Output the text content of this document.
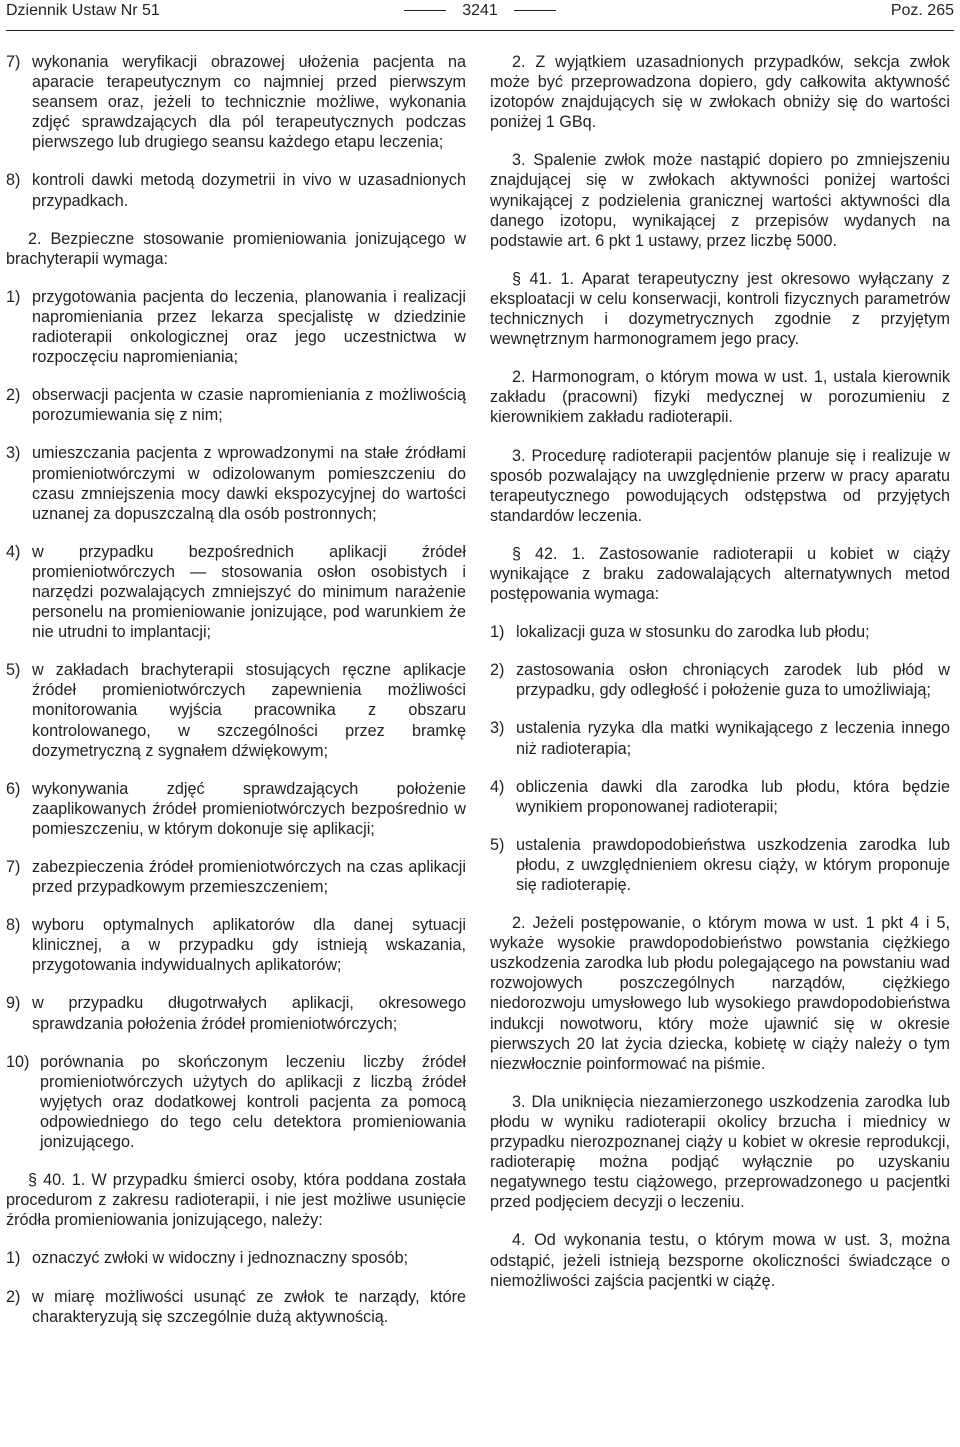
Dziennik Ustaw Nr 51	3241	Poz. 265
7) wykonania weryfikacji obrazowej ułożenia pacjenta na aparacie terapeutycznym co najmniej przed pierwszym seansem oraz, jeżeli to technicznie możliwe, wykonania zdjęć sprawdzających dla pól terapeutycznych podczas pierwszego lub drugiego seansu każdego etapu leczenia;
8) kontroli dawki metodą dozymetrii in vivo w uzasadnionych przypadkach.

2. Bezpieczne stosowanie promieniowania jonizującego w brachyterapii wymaga:

1) przygotowania pacjenta do leczenia, planowania i realizacji napromieniania przez lekarza specjalistę w dziedzinie radioterapii onkologicznej oraz jego uczestnictwa w rozpoczęciu napromieniania;
2) obserwacji pacjenta w czasie napromieniania z możliwością porozumiewania się z nim;
3) umieszczania pacjenta z wprowadzonymi na stałe źródłami promieniotwórczymi w odizolowanym pomieszczeniu do czasu zmniejszenia mocy dawki ekspozycyjnej do wartości uznanej za dopuszczalną dla osób postronnych;
4) w przypadku bezpośrednich aplikacji źródeł promieniotwórczych — stosowania osłon osobistych i narzędzi pozwalających zmniejszyć do minimum narażenie personelu na promieniowanie jonizujące, pod warunkiem że nie utrudni to implantacji;
5) w zakładach brachyterapii stosujących ręczne aplikacje źródeł promieniotwórczych zapewnienia możliwości monitorowania wyjścia pracownika z obszaru kontrolowanego, w szczególności przez bramkę dozymetryczną z sygnałem dźwiękowym;
6) wykonywania zdjęć sprawdzających położenie zaaplikowanych źródeł promieniotwórczych bezpośrednio w pomieszczeniu, w którym dokonuje się aplikacji;
7) zabezpieczenia źródeł promieniotwórczych na czas aplikacji przed przypadkowym przemieszczeniem;
8) wyboru optymalnych aplikatorów dla danej sytuacji klinicznej, a w przypadku gdy istnieją wskazania, przygotowania indywidualnych aplikatorów;
9) w przypadku długotrwałych aplikacji, okresowego sprawdzania położenia źródeł promieniotwórczych;
10) porównania po skończonym leczeniu liczby źródeł promieniotwórczych użytych do aplikacji z liczbą źródeł wyjętych oraz dodatkowej kontroli pacjenta za pomocą odpowiedniego do tego celu detektora promieniowania jonizującego.

§ 40. 1. W przypadku śmierci osoby, która poddana została procedurom z zakresu radioterapii, i nie jest możliwe usunięcie źródła promieniowania jonizującego, należy:

1) oznaczyć zwłoki w widoczny i jednoznaczny sposób;
2) w miarę możliwości usunąć ze zwłok te narządy, które charakteryzują się szczególnie dużą aktywnością.

2. Z wyjątkiem uzasadnionych przypadków, sekcja zwłok może być przeprowadzona dopiero, gdy całkowita aktywność izotopów znajdujących się w zwłokach obniży się do wartości poniżej 1 GBq.

3. Spalenie zwłok może nastąpić dopiero po zmniejszeniu znajdującej się w zwłokach aktywności poniżej wartości wynikającej z podzielenia granicznej wartości aktywności dla danego izotopu, wynikającej z przepisów wydanych na podstawie art. 6 pkt 1 ustawy, przez liczbę 5000.

§ 41. 1. Aparat terapeutyczny jest okresowo wyłączany z eksploatacji w celu konserwacji, kontroli fizycznych parametrów technicznych i dozymetrycznych zgodnie z przyjętym wewnętrznym harmonogramem jego pracy.

2. Harmonogram, o którym mowa w ust. 1, ustala kierownik zakładu (pracowni) fizyki medycznej w porozumieniu z kierownikiem zakładu radioterapii.

3. Procedurę radioterapii pacjentów planuje się i realizuje w sposób pozwalający na uwzględnienie przerw w pracy aparatu terapeutycznego powodujących odstępstwa od przyjętych standardów leczenia.

§ 42. 1. Zastosowanie radioterapii u kobiet w ciąży wynikające z braku zadowalających alternatywnych metod postępowania wymaga:

1) lokalizacji guza w stosunku do zarodka lub płodu;
2) zastosowania osłon chroniących zarodek lub płód w przypadku, gdy odległość i położenie guza to umożliwiają;
3) ustalenia ryzyka dla matki wynikającego z leczenia innego niż radioterapia;
4) obliczenia dawki dla zarodka lub płodu, która będzie wynikiem proponowanej radioterapii;
5) ustalenia prawdopodobieństwa uszkodzenia zarodka lub płodu, z uwzględnieniem okresu ciąży, w którym proponuje się radioterapię.

2. Jeżeli postępowanie, o którym mowa w ust. 1 pkt 4 i 5, wykaże wysokie prawdopodobieństwo powstania ciężkiego uszkodzenia zarodka lub płodu polegającego na powstaniu wad rozwojowych poszczególnych narządów, ciężkiego niedorozwoju umysłowego lub wysokiego prawdopodobieństwa indukcji nowotworu, który może ujawnić się w okresie pierwszych 20 lat życia dziecka, kobietę w ciąży należy o tym niezwłocznie poinformować na piśmie.

3. Dla uniknięcia niezamierzonego uszkodzenia zarodka lub płodu w wyniku radioterapii okolicy brzucha i miednicy w przypadku nierozpoznanej ciąży u kobiet w okresie reprodukcji, radioterapię można podjąć wyłącznie po uzyskaniu negatywnego testu ciążowego, przeprowadzonego u pacjentki przed podjęciem decyzji o leczeniu.

4. Od wykonania testu, o którym mowa w ust. 3, można odstąpić, jeżeli istnieją bezsporne okoliczności świadczące o niemożliwości zajścia pacjentki w ciążę.
